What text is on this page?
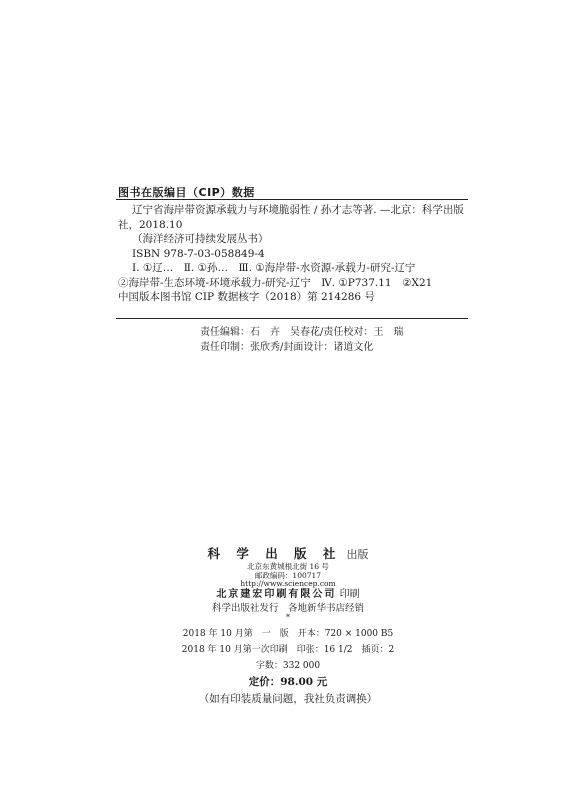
图书在版编目（CIP）数据
辽宁省海岸带资源承载力与环境脆弱性 / 孙才志等著. —北京：科学出版
社，2018.10
（海洋经济可持续发展丛书）
ISBN 978-7-03-058849-4
Ⅰ. ①辽…　Ⅱ. ①孙…　Ⅲ. ①海岸带-水资源-承载力-研究-辽宁
②海岸带-生态环境-环境承载力-研究-辽宁　Ⅳ. ①P737.11　②X21
中国版本图书馆 CIP 数据核字（2018）第 214286 号
责任编辑：石　卉　吴春花/责任校对：王　瑞
责任印制：张欣秀/封面设计：诸道文化
科 学 出 版 社 出版
北京东黄城根北街 16 号
邮政编码：100717
http://www.sciencep.com
北京建宏印刷有限公司 印刷
科学出版社发行　各地新华书店经销
*
2018 年 10 月第　一　版　开本：720 × 1000 B5
2018 年 10 月第一次印刷　印张：16 1/2　插页：2
字数：332 000
定价：98.00 元
（如有印装质量问题，我社负责调换）
